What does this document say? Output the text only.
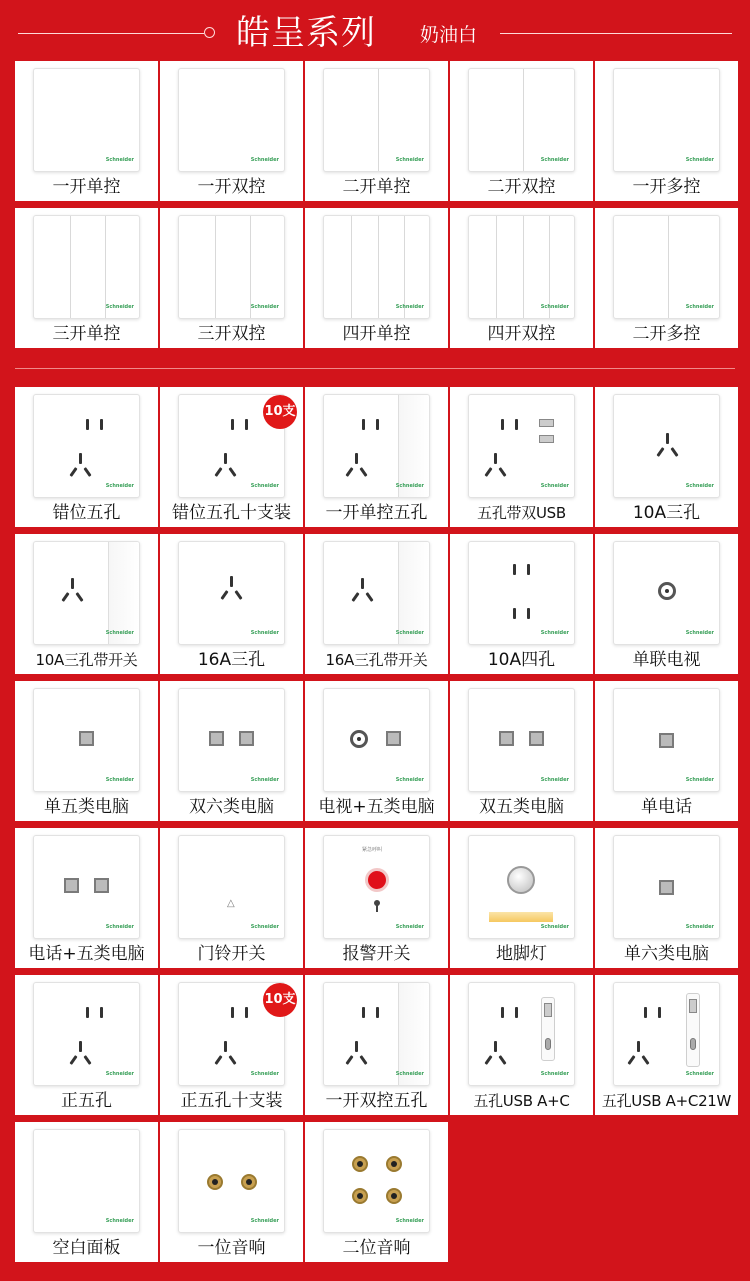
皓呈系列 奶油白
Schneider
一开单控
Schneider
一开双控
Schneider
二开单控
Schneider
二开双控
Schneider
一开多控
Schneider
三开单控
Schneider
三开双控
Schneider
四开单控
Schneider
四开双控
Schneider
二开多控
Schneider
错位五孔
Schneider
10支
错位五孔十支装
Schneider
一开单控五孔
Schneider
五孔带双USB
Schneider
10A三孔
Schneider
10A三孔带开关
Schneider
16A三孔
Schneider
16A三孔带开关
Schneider
10A四孔
Schneider
单联电视
Schneider
单五类电脑
Schneider
双六类电脑
Schneider
电视+五类电脑
Schneider
双五类电脑
Schneider
单电话
Schneider
电话+五类电脑
△
Schneider
门铃开关
紧急呼叫
Schneider
报警开关
Schneider
地脚灯
Schneider
单六类电脑
Schneider
正五孔
Schneider
10支
正五孔十支装
Schneider
一开双控五孔
Schneider
五孔USB A+C
Schneider
五孔USB A+C21W
Schneider
空白面板
Schneider
一位音响
Schneider
二位音响
